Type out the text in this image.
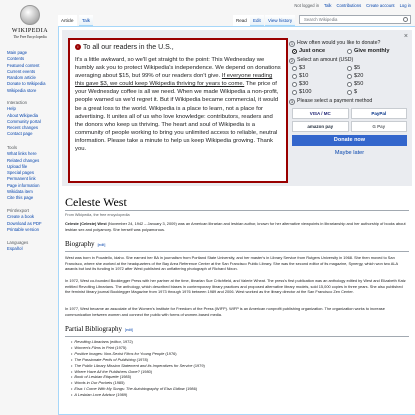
WIKIPEDIA
The Free Encyclopedia
Main page
Contents
Featured content
Current events
Random article
Donate to Wikipedia
Wikipedia store
Interaction
Help
About Wikipedia
Community portal
Recent changes
Contact page
Tools
What links here
Related changes
Upload file
Special pages
Permanent link
Page information
Wikidata item
Cite this page
Print/export
Create a book
Download as PDF
Printable version
Languages
Español
Not logged in Talk Contributions Create account Log in
Article	Talk	Read	Edit	View history	Search Wikipedia
×
i To all our readers in the U.S.,
It's a little awkward, so we'll get straight to the point: This Wednesday we humbly ask you to protect Wikipedia's independence. We depend on donations averaging about $15, but 99% of our readers don't give. If everyone reading this gave $3, we could keep Wikipedia thriving for years to come. The price of your Wednesday coffee is all we need. When we made Wikipedia a non-profit, people warned us we'd regret it. But if Wikipedia became commercial, it would be a great loss to the world. Wikipedia is a place to learn, not a place for advertising. It unites all of us who love knowledge: contributors, readers and the donors who keep us thriving. The heart and soul of Wikipedia is a community of people working to bring you unlimited access to reliable, neutral information. Please take a minute to help us keep Wikipedia growing. Thank you.
1 How often would you like to donate?
Just once	Give monthly
2 Select an amount (USD)
$3	$5
$10	$20
$30	$50
$100	$
3 Please select a payment method
VISA / MC	PayPal
amazon pay	G Pay
Donate now
Maybe later
Celeste West
From Wikipedia, the free encyclopedia
Celeste (Celeste) West (November 24, 1942 – January 3, 2009) was an American librarian and lesbian author, known for her alternative viewpoints in librarianship and her authorship of books about lesbian sex and polyamory. She herself was polyamorous.
Biography [edit]
West was born in Pocatello, Idaho. She earned her BA in journalism from Portland State University, and her master's in Library Service from Rutgers University in 1968. She then moved to San Francisco, where she worked at the headquarters of the Bay Area Reference Center at the San Francisco Public Library. She was the second editor of its magazine, Synergy, which won two ALA awards but lost its funding in 1972 after West published an unflattering photograph of Richard Nixon.
In 1972, West co-founded Booklegger Press with her partner at the time, librarian Sue Critchfield, and Valerie Wheat. The press's first publication was an anthology edited by West and Elizabeth Katz entitled Revolting Librarians. The anthology, which described biases in contemporary library practices and proposed alternative library models, sold 15,000 copies in three years. She also published the feminist library journal Booklegger Magazine from 1973 through 1976 between 1989 and 2006. West worked as the library director at the San Francisco Zen Center.
In 1977, West became an associate of the Women's Institute for Freedom of the Press (WIFP). WIFP is an American nonprofit publishing organization. The organization works to increase communication between women and connect the public with forms of women-based media.
Partial Bibliography [edit]
• Revolting Librarians (editor, 1972)
• Women's Films in Print (1975)
• Positive Images: Non-Sexist Films for Young People (1976)
• The Passionate Perils of Publishing (1978)
• The Public Library Mission Statement and Its Imperatives for Service (1979)
• Where Have All the Publishers Gone? (1980)
• Book of Lesbian Etiquette (1985)
• Words in Our Pockets (1985)
• Elsa: I Come With My Songs: The Autobiography of Elsa Gidlow (1986)
• A Lesbian Love Advisor (1989)
